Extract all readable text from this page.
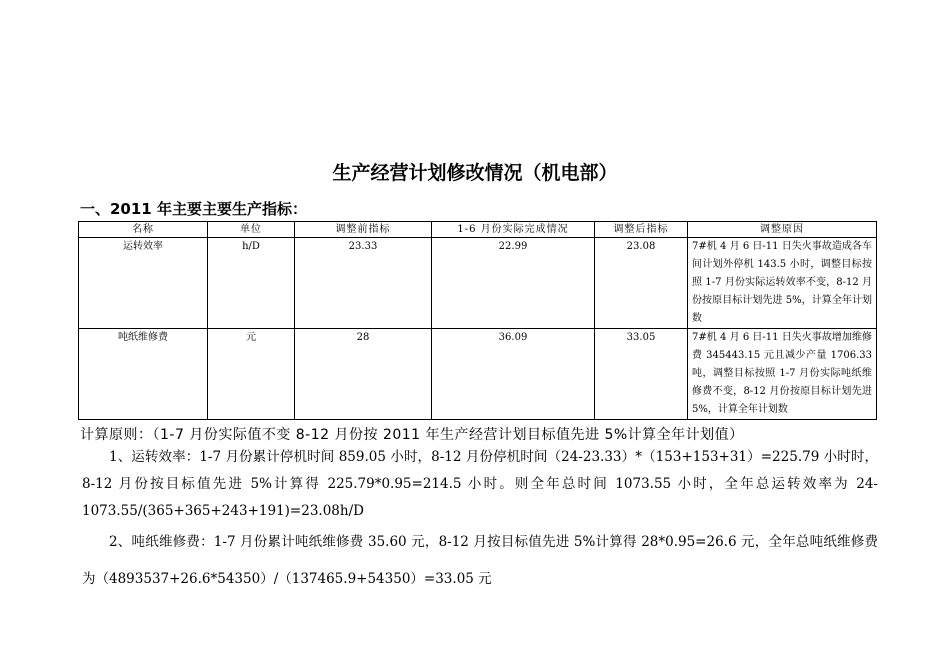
生产经营计划修改情况（机电部）
一、2011 年主要主要生产指标：
名称	单位	调整前指标	1-6 月份实际完成情况	调整后指标	调整原因
运转效率	h/D	23.33	22.99	23.08	7#机 4 月 6 日-11 日失火事故造成各车间计划外停机 143.5 小时，调整目标按照 1-7 月份实际运转效率不变，8-12 月份按原目标计划先进 5%，计算全年计划数
吨纸维修费	元	28	36.09	33.05	7#机 4 月 6 日-11 日失火事故增加维修费 345443.15 元且减少产量 1706.33 吨，调整目标按照 1-7 月份实际吨纸维修费不变，8-12 月份按原目标计划先进 5%，计算全年计划数
计算原则：（1-7 月份实际值不变 8-12 月份按 2011 年生产经营计划目标值先进 5%计算全年计划值）
1、运转效率：1-7 月份累计停机时间 859.05 小时，8-12 月份停机时间（24-23.33）*（153+153+31）=225.79 小时时，8-12 月份按目标值先进 5%计算得 225.79*0.95=214.5 小时。则全年总时间 1073.55 小时，全年总运转效率为 24-1073.55/(365+365+243+191)=23.08h/D
2、吨纸维修费：1-7 月份累计吨纸维修费 35.60 元，8-12 月按目标值先进 5%计算得 28*0.95=26.6 元，全年总吨纸维修费为（4893537+26.6*54350）/（137465.9+54350）=33.05 元
